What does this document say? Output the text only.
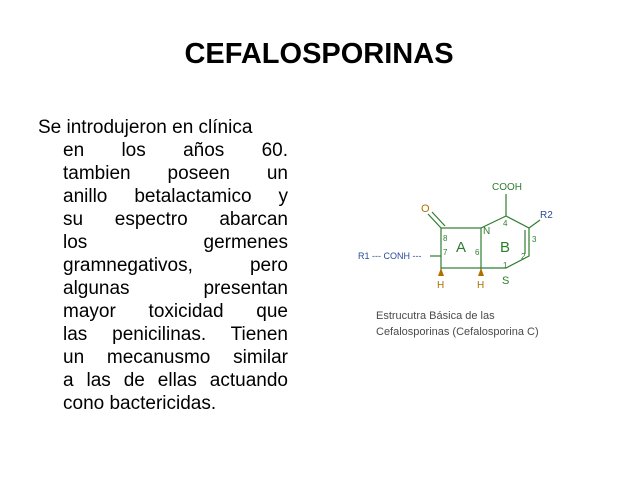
CEFALOSPORINAS
Se introdujeron en clínica
en los años 60.
tambien poseen un
anillo betalactamico y
su espectro abarcan
los germenes
gramnegativos, pero
algunas presentan
mayor toxicidad que
las penicilinas. Tienen
un mecanusmo similar
a las de ellas actuando
cono bactericidas.
COOH
R2
O
N
R1 --- CONH --- A B
8
7	6
4
3
2
1
H	H S
Estrucutra Básica de las
Cefalosporinas (Cefalosporina C)
